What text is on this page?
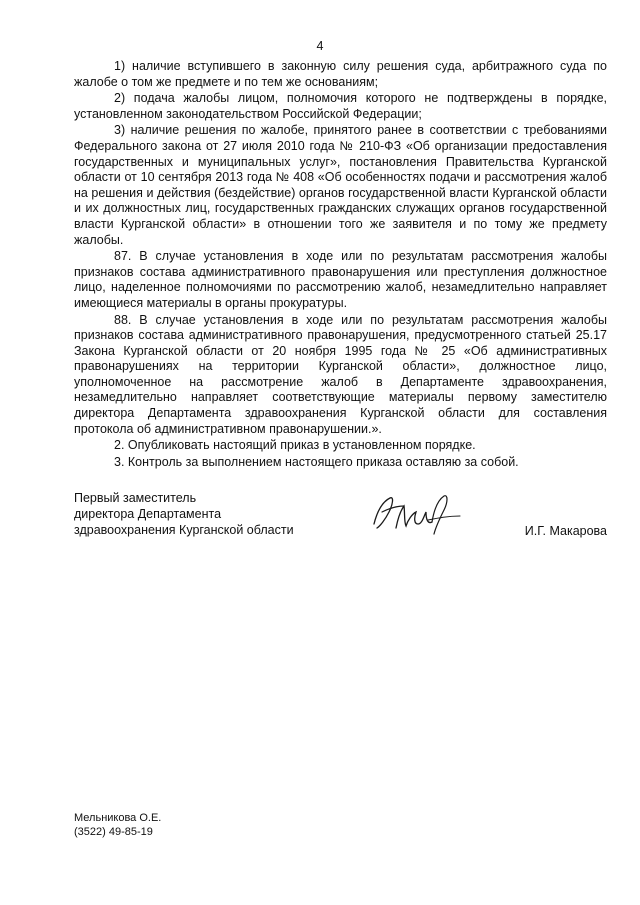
4

1) наличие вступившего в законную силу решения суда, арбитражного суда по жалобе о том же предмете и по тем же основаниям;

2) подача жалобы лицом, полномочия которого не подтверждены в порядке, установленном законодательством Российской Федерации;

3) наличие решения по жалобе, принятого ранее в соответствии с требованиями Федерального закона от 27 июля 2010 года № 210-ФЗ «Об организации предоставления государственных и муниципальных услуг», постановления Правительства Курганской области от 10 сентября 2013 года № 408 «Об особенностях подачи и рассмотрения жалоб на решения и действия (бездействие) органов государственной власти Курганской области и их должностных лиц, государственных гражданских служащих органов государственной власти Курганской области» в отношении того же заявителя и по тому же предмету жалобы.

87. В случае установления в ходе или по результатам рассмотрения жалобы признаков состава административного правонарушения или преступления должностное лицо, наделенное полномочиями по рассмотрению жалоб, незамедлительно направляет имеющиеся материалы в органы прокуратуры.

88. В случае установления в ходе или по результатам рассмотрения жалобы признаков состава административного правонарушения, предусмотренного статьей 25.17 Закона Курганской области от 20 ноября 1995 года № 25 «Об административных правонарушениях на территории Курганской области», должностное лицо, уполномоченное на рассмотрение жалоб в Департаменте здравоохранения, незамедлительно направляет соответствующие материалы первому заместителю директора Департамента здравоохранения Курганской области для составления протокола об административном правонарушении.».

2. Опубликовать настоящий приказ в установленном порядке.

3. Контроль за выполнением настоящего приказа оставляю за собой.

Первый заместитель
директора Департамента
здравоохранения Курганской области	И.Г. Макарова
Мельникова О.Е.
(3522) 49-85-19
